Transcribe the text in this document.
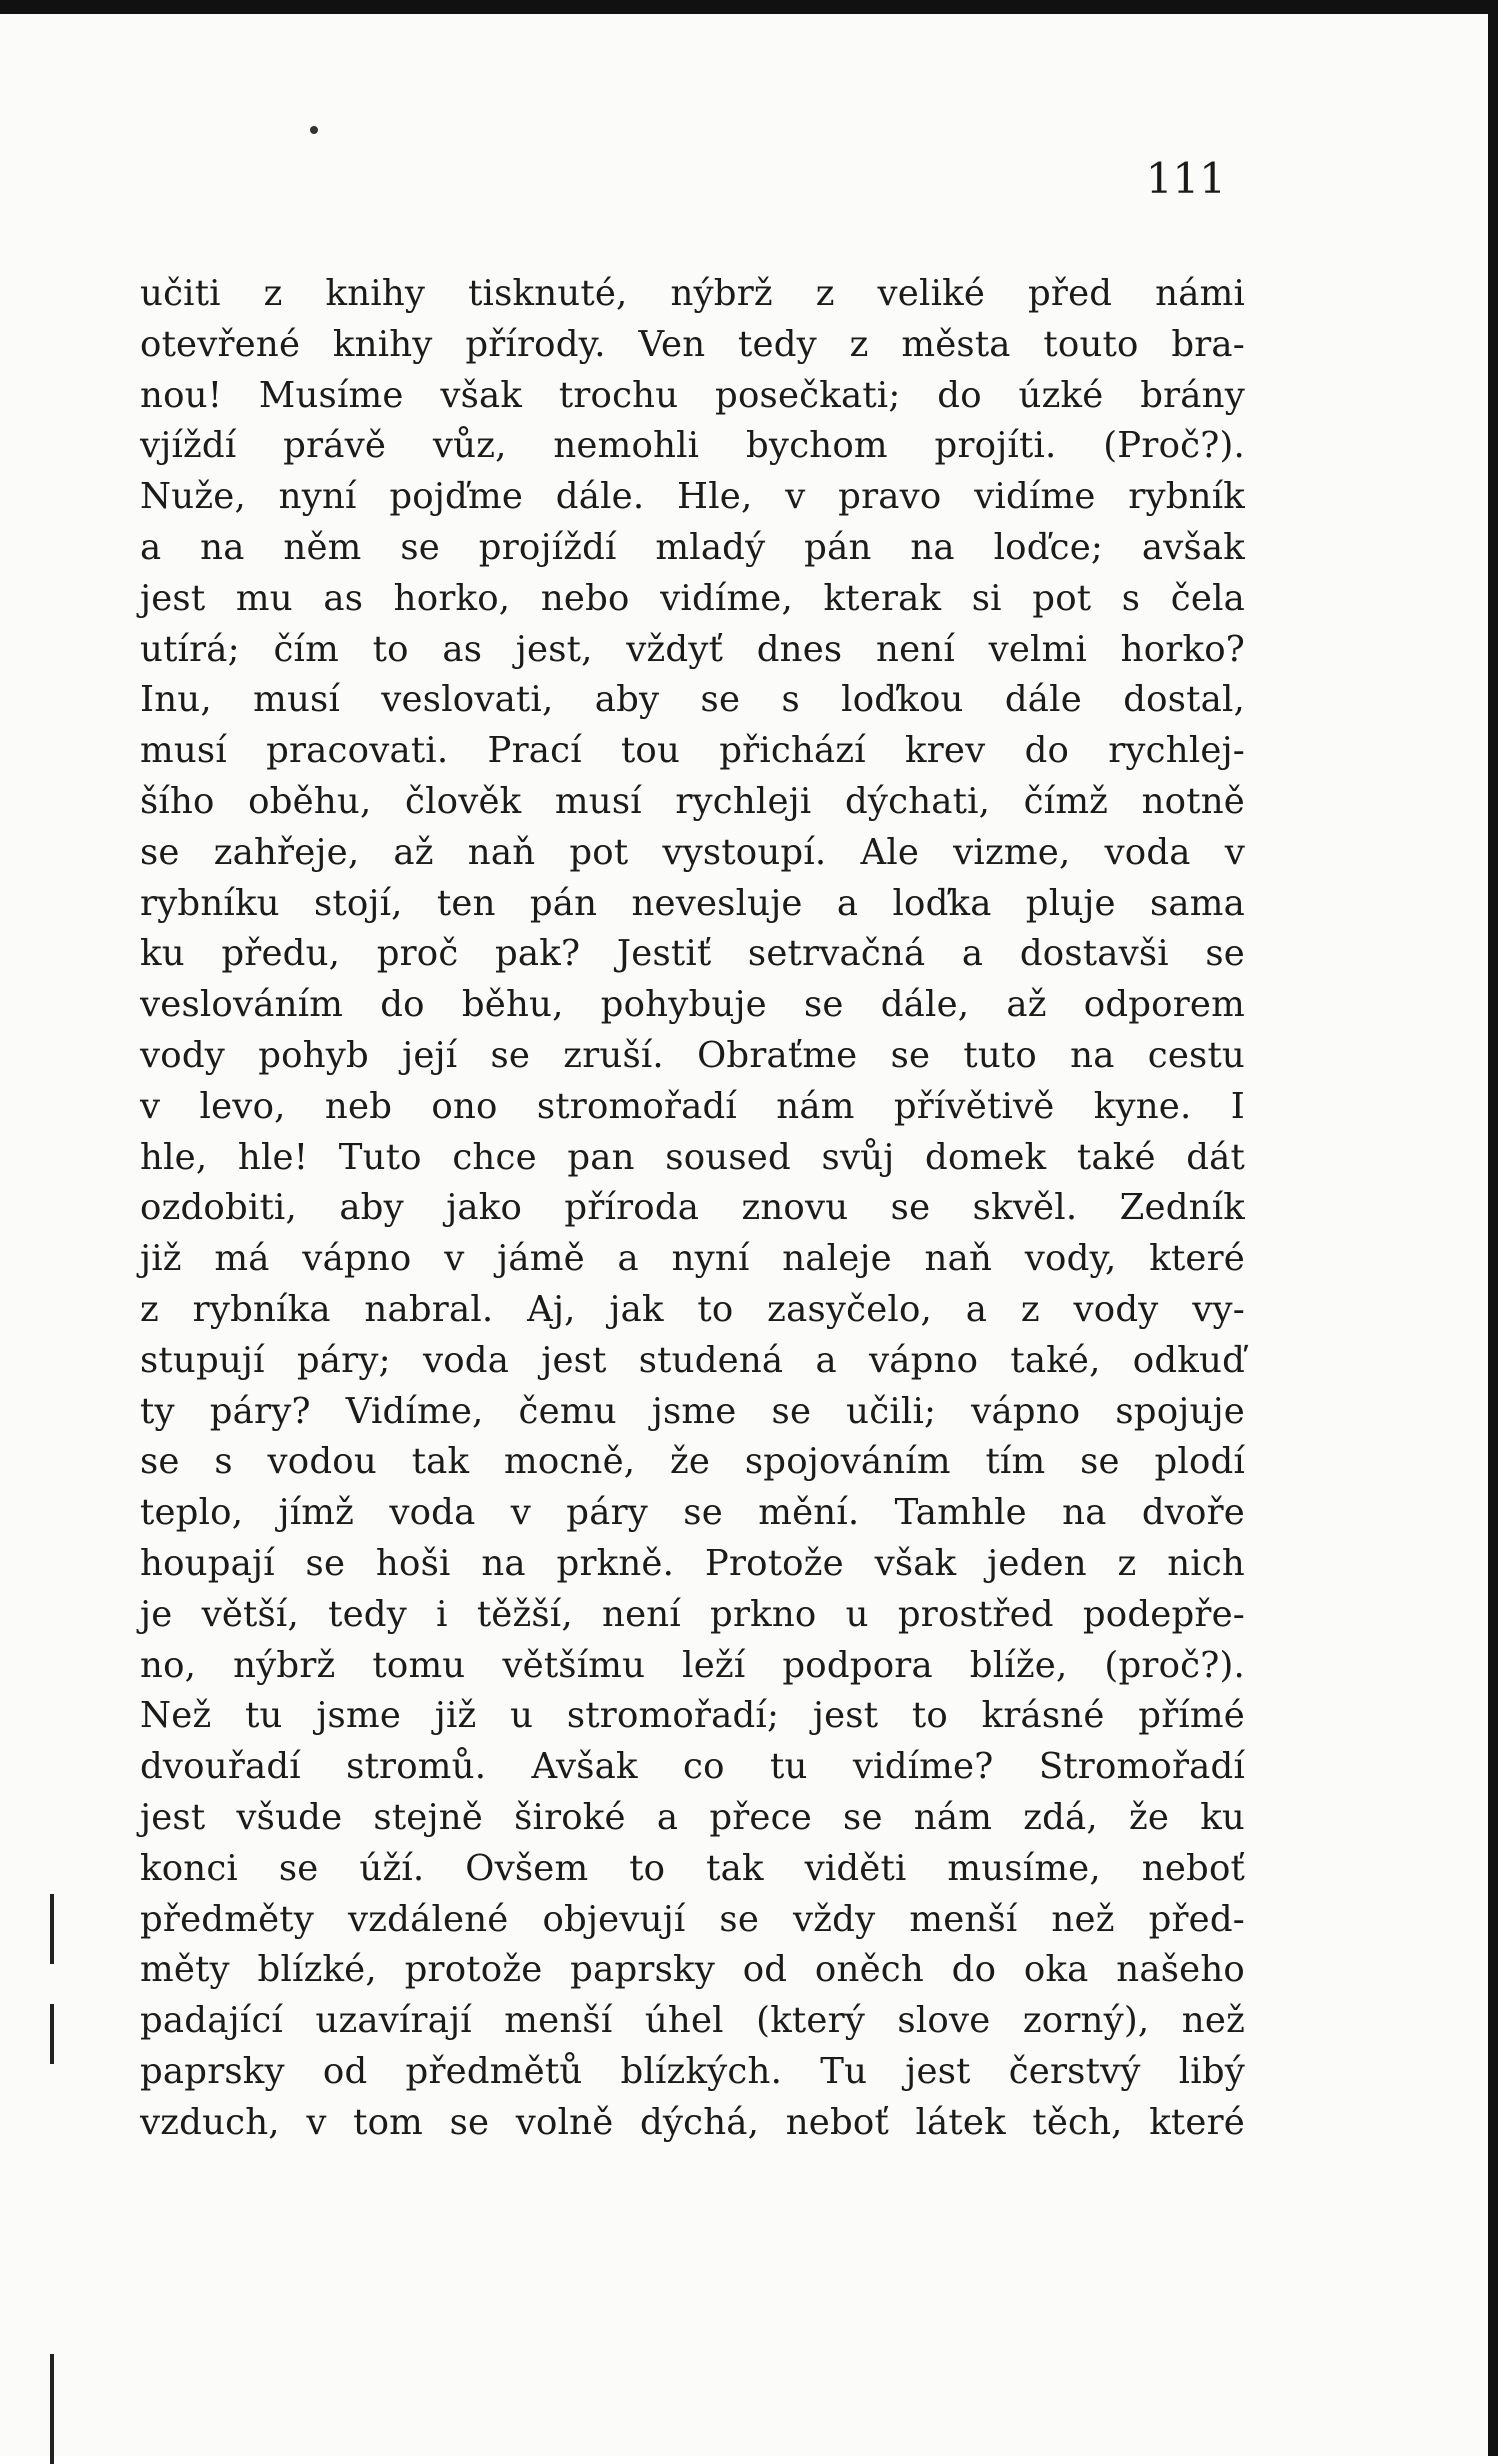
111
učiti z knihy tisknuté, nýbrž z veliké před námi
otevřené knihy přírody. Ven tedy z města touto bra-
nou! Musíme však trochu posečkati; do úzké brány
vjíždí právě vůz, nemohli bychom projíti. (Proč?).
Nuže, nyní pojďme dále. Hle, v pravo vidíme rybník
a na něm se projíždí mladý pán na loďce; avšak
jest mu as horko, nebo vidíme, kterak si pot s čela
utírá; čím to as jest, vždyť dnes není velmi horko?
Inu, musí veslovati, aby se s loďkou dále dostal,
musí pracovati. Prací tou přichází krev do rychlej-
šího oběhu, člověk musí rychleji dýchati, čímž notně
se zahřeje, až naň pot vystoupí. Ale vizme, voda v
rybníku stojí, ten pán nevesluje a loďka pluje sama
ku předu, proč pak? Jestiť setrvačná a dostavši se
veslováním do běhu, pohybuje se dále, až odporem
vody pohyb její se zruší. Obraťme se tuto na cestu
v levo, neb ono stromořadí nám přívětivě kyne. I
hle, hle! Tuto chce pan soused svůj domek také dát
ozdobiti, aby jako příroda znovu se skvěl. Zedník
již má vápno v jámě a nyní naleje naň vody, které
z rybníka nabral. Aj, jak to zasyčelo, a z vody vy-
stupují páry; voda jest studená a vápno také, odkuď
ty páry? Vidíme, čemu jsme se učili; vápno spojuje
se s vodou tak mocně, že spojováním tím se plodí
teplo, jímž voda v páry se mění. Tamhle na dvoře
houpají se hoši na prkně. Protože však jeden z nich
je větší, tedy i těžší, není prkno u prostřed podepře-
no, nýbrž tomu většímu leží podpora blíže, (proč?).
Než tu jsme již u stromořadí; jest to krásné přímé
dvouřadí stromů. Avšak co tu vidíme? Stromořadí
jest všude stejně široké a přece se nám zdá, že ku
konci se úží. Ovšem to tak viděti musíme, neboť
předměty vzdálené objevují se vždy menší než před-
měty blízké, protože paprsky od oněch do oka našeho
padající uzavírají menší úhel (který slove zorný), než
paprsky od předmětů blízkých. Tu jest čerstvý libý
vzduch, v tom se volně dýchá, neboť látek těch, které
